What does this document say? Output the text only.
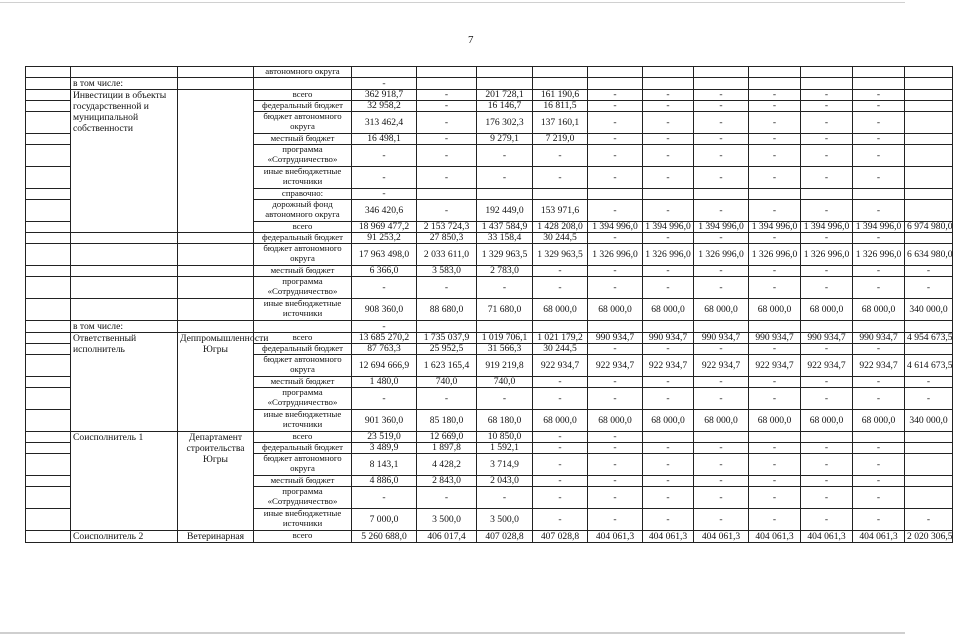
7
			автономного округа											
	в том числе:			-										
	Инвестиции в объекты государственной и муниципальной собственности		всего	362 918,7	-	201 728,1	161 190,6	-	-	-	-	-	-	
			федеральный бюджет	32 958,2	-	16 146,7	16 811,5	-	-	-	-	-	-	
			бюджет автономного округа	313 462,4	-	176 302,3	137 160,1	-	-	-	-	-	-	
			местный бюджет	16 498,1	-	9 279,1	7 219,0	-	-	-	-	-	-	
			программа «Сотрудничество»	-	-	-	-	-	-	-	-	-	-	
			иные внебюджетные источники	-	-	-	-	-	-	-	-	-	-	
			справочно:	-										
			дорожный фонд автономного округа	346 420,6	-	192 449,0	153 971,6	-	-	-	-	-	-	
			всего	18 969 477,2	2 153 724,3	1 437 584,9	1 428 208,0	1 394 996,0	1 394 996,0	1 394 996,0	1 394 996,0	1 394 996,0	1 394 996,0	6 974 980,0
			федеральный бюджет	91 253,2	27 850,3	33 158,4	30 244,5	-	-	-	-	-	-	
			бюджет автономного округа	17 963 498,0	2 033 611,0	1 329 963,5	1 329 963,5	1 326 996,0	1 326 996,0	1 326 996,0	1 326 996,0	1 326 996,0	1 326 996,0	6 634 980,0
			местный бюджет	6 366,0	3 583,0	2 783,0	-	-	-	-	-	-	-	-
			программа «Сотрудничество»	-	-	-	-	-	-	-	-	-	-	-
			иные внебюджетные источники	908 360,0	88 680,0	71 680,0	68 000,0	68 000,0	68 000,0	68 000,0	68 000,0	68 000,0	68 000,0	340 000,0
	в том числе:			-										
	Ответственный исполнитель	Деппромышленности Югры	всего	13 685 270,2	1 735 037,9	1 019 706,1	1 021 179,2	990 934,7	990 934,7	990 934,7	990 934,7	990 934,7	990 934,7	4 954 673,5
			федеральный бюджет	87 763,3	25 952,5	31 566,3	30 244,5	-	-	-	-	-	-	
			бюджет автономного округа	12 694 666,9	1 623 165,4	919 219,8	922 934,7	922 934,7	922 934,7	922 934,7	922 934,7	922 934,7	922 934,7	4 614 673,5
			местный бюджет	1 480,0	740,0	740,0	-	-	-	-	-	-	-	-
			программа «Сотрудничество»	-	-	-	-	-	-	-	-	-	-	-
			иные внебюджетные источники	901 360,0	85 180,0	68 180,0	68 000,0	68 000,0	68 000,0	68 000,0	68 000,0	68 000,0	68 000,0	340 000,0
	Соисполнитель 1	Департамент строительства Югры	всего	23 519,0	12 669,0	10 850,0	-	-						
			федеральный бюджет	3 489,9	1 897,8	1 592,1	-	-	-	-	-	-	-	
			бюджет автономного округа	8 143,1	4 428,2	3 714,9	-	-	-	-	-	-	-	
			местный бюджет	4 886,0	2 843,0	2 043,0	-	-	-	-	-	-	-	
			программа «Сотрудничество»	-	-	-	-	-	-	-	-	-	-	
			иные внебюджетные источники	7 000,0	3 500,0	3 500,0	-	-	-	-	-	-	-	-
	Соисполнитель 2	Ветеринарная	всего	5 260 688,0	406 017,4	407 028,8	407 028,8	404 061,3	404 061,3	404 061,3	404 061,3	404 061,3	404 061,3	2 020 306,5
